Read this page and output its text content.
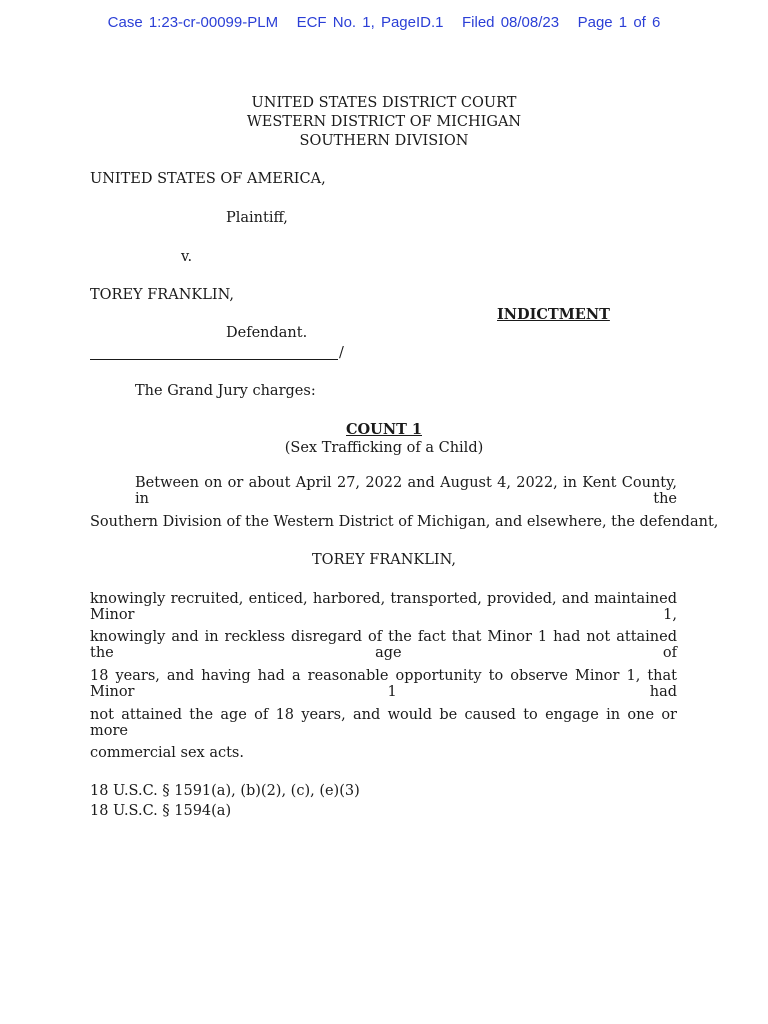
Case 1:23-cr-00099-PLM ECF No. 1, PageID.1 Filed 08/08/23 Page 1 of 6
UNITED STATES DISTRICT COURT
WESTERN DISTRICT OF MICHIGAN
SOUTHERN DIVISION
UNITED STATES OF AMERICA,
Plaintiff,
v.
TOREY FRANKLIN,
INDICTMENT
Defendant.
/
The Grand Jury charges:
COUNT 1
(Sex Trafficking of a Child)
Between on or about April 27, 2022 and August 4, 2022, in Kent County, in the
Southern Division of the Western District of Michigan, and elsewhere, the defendant,
TOREY FRANKLIN,
knowingly recruited, enticed, harbored, transported, provided, and maintained Minor 1,
knowingly and in reckless disregard of the fact that Minor 1 had not attained the age of
18 years, and having had a reasonable opportunity to observe Minor 1, that Minor 1 had
not attained the age of 18 years, and would be caused to engage in one or more
commercial sex acts.
18 U.S.C. § 1591(a), (b)(2), (c), (e)(3)
18 U.S.C. § 1594(a)
